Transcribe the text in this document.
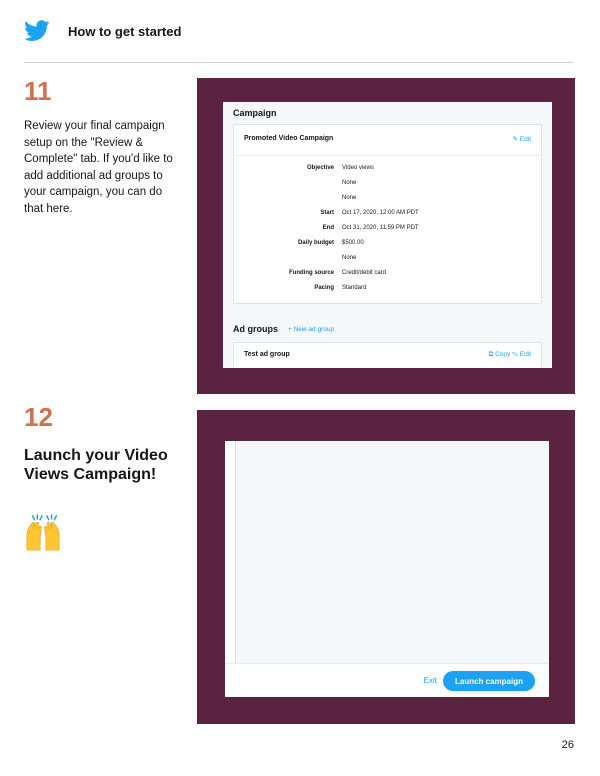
How to get started
11

Review your final campaign setup on the "Review & Complete" tab. If you'd like to add additional ad groups to your campaign, you can do that here.

Campaign
Promoted Video Campaign	✎ Edit
Objective Video views
None
None
Start Oct 17, 2020, 12:00 AM PDT
End Oct 31, 2020, 11:59 PM PDT
Daily budget $500.00
None
Funding source Credit/debit card
Pacing Standard
Ad groups + New ad group
Test ad group	⧉ Copy ✎ Edit
12
Launch your Video Views Campaign!
Exit	Launch campaign
26
